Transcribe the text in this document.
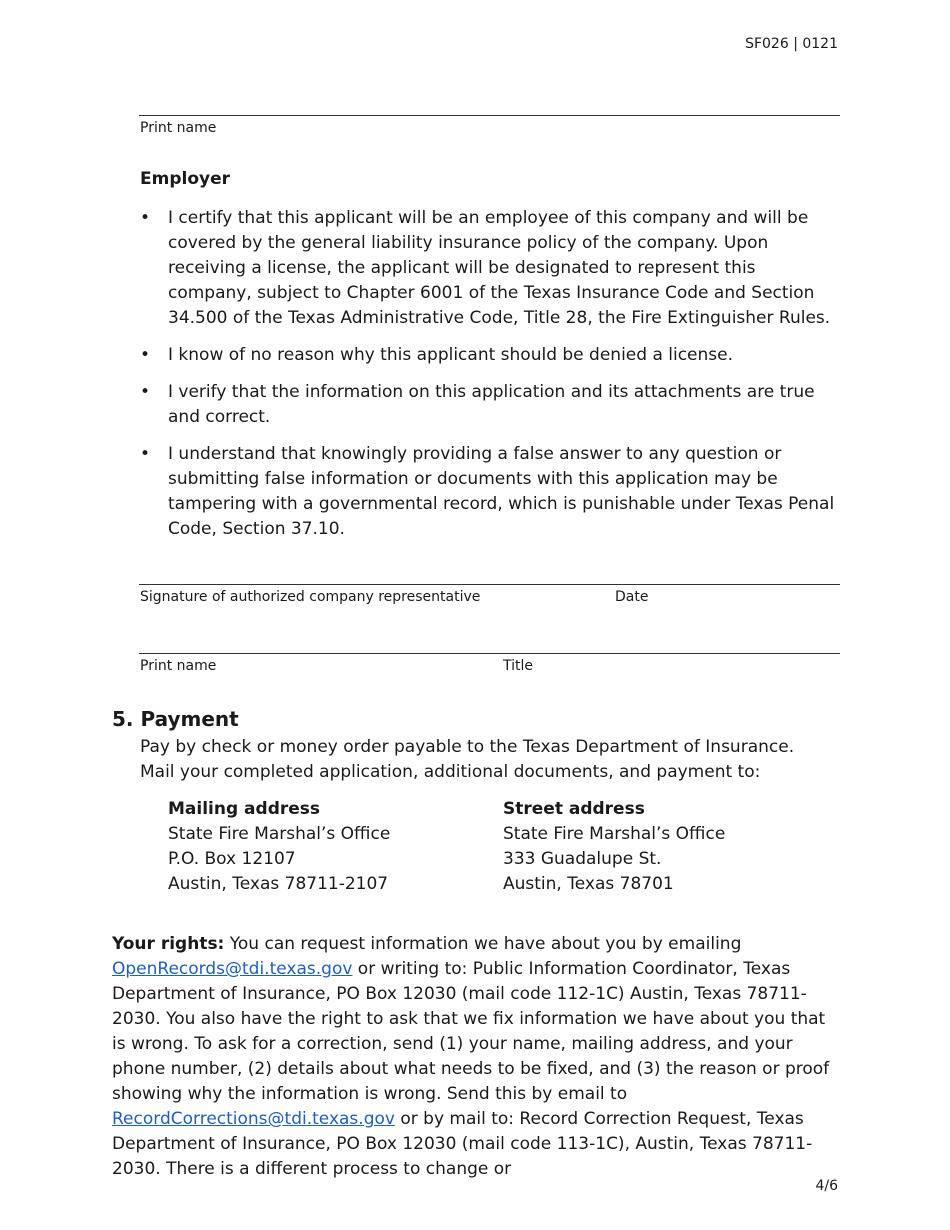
SF026 | 0121
Print name
Employer
• I certify that this applicant will be an employee of this company and will be covered by the general liability insurance policy of the company. Upon receiving a license, the applicant will be designated to represent this company, subject to Chapter 6001 of the Texas Insurance Code and Section 34.500 of the Texas Administrative Code, Title 28, the Fire Extinguisher Rules.
• I know of no reason why this applicant should be denied a license.
• I verify that the information on this application and its attachments are true and correct.
• I understand that knowingly providing a false answer to any question or submitting false information or documents with this application may be tampering with a governmental record, which is punishable under Texas Penal Code, Section 37.10.
Signature of authorized company representative	Date
Print name	Title
5. Payment
Pay by check or money order payable to the Texas Department of Insurance. Mail your completed application, additional documents, and payment to:
Mailing address
State Fire Marshal’s Office
P.O. Box 12107
Austin, Texas 78711-2107
Street address
State Fire Marshal’s Office
333 Guadalupe St.
Austin, Texas 78701
Your rights: You can request information we have about you by emailing OpenRecords@tdi.texas.gov or writing to: Public Information Coordinator, Texas Department of Insurance, PO Box 12030 (mail code 112-1C) Austin, Texas 78711-2030. You also have the right to ask that we fix information we have about you that is wrong. To ask for a correction, send (1) your name, mailing address, and your phone number, (2) details about what needs to be fixed, and (3) the reason or proof showing why the information is wrong. Send this by email to RecordCorrections@tdi.texas.gov or by mail to: Record Correction Request, Texas Department of Insurance, PO Box 12030 (mail code 113-1C), Austin, Texas 78711-2030. There is a different process to change or
4/6
